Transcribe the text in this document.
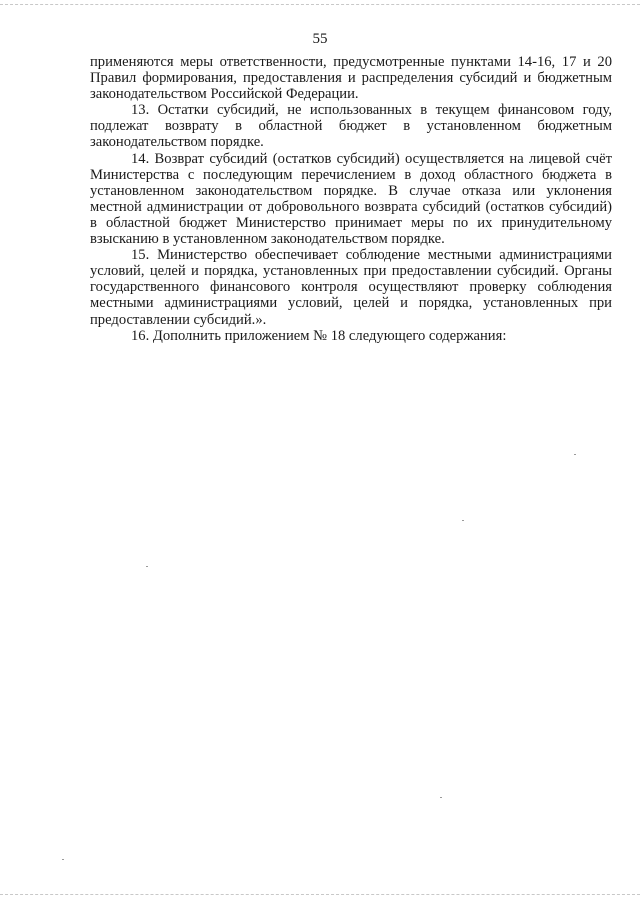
55

применяются меры ответственности, предусмотренные пунктами 14-16, 17 и 20 Правил формирования, предоставления и распределения субсидий и бюджетным законодательством Российской Федерации.

13. Остатки субсидий, не использованных в текущем финансовом году, подлежат возврату в областной бюджет в установленном бюджетным законодательством порядке.

14. Возврат субсидий (остатков субсидий) осуществляется на лицевой счёт Министерства с последующим перечислением в доход областного бюджета в установленном законодательством порядке. В случае отказа или уклонения местной администрации от добровольного возврата субсидий (остатков субсидий) в областной бюджет Министерство принимает меры по их принудительному взысканию в установленном законодательством порядке.

15. Министерство обеспечивает соблюдение местными администрациями условий, целей и порядка, установленных при предоставлении субсидий. Органы государственного финансового контроля осуществляют проверку соблюдения местными администрациями условий, целей и порядка, установленных при предоставлении субсидий.».

16. Дополнить приложением № 18 следующего содержания:
